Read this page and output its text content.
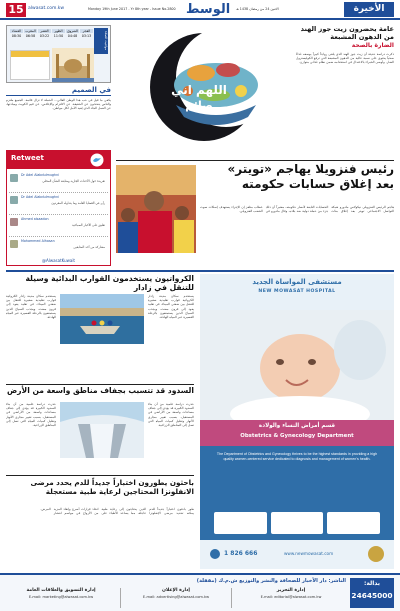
15 alwasat.com.kw	Monday 19th June 2017 - Yr 8th year - Issue No.2800 الوسط الاثنين 24 من رمضان 1438 هـ	الأخيرة
مواقيت الصلاة
العشاء	المغرب	العصر	الظهر	الشروق	الفجر
08:30	06:58	03:22	11:50	04:48	03:13
في الصميم
يكفي ما قيل في حب هذا الوطن الغالي... الحملة لا تزال قائمة. الجميع ملتزم والناس يتحدثون عن الحقيقة. عن الالتزام والإخلاص، عن قيم الكويت ومبادئها، عن العمل الجاد الذي يُعيد الأمل لكل مواطن.
Retweet
Dr Adel Alabdulmughni
تغريدة حول الأحداث الجارية ومتابعة الشأن المحلي
Dr Adel Alabdulmughni
رأي في القضايا العامة وما يتداوله المغردون
Ahmed alsaadon
تعليق على الأخبار الصباحية
Mohammed Alhasan
مشاركة من أحد المتابعين
@AlwasatKuwait
اللهم اني
صائم
عامة يحضرون زيت جوز الهند من الدهون المشبعة
الضارة بالصحة
ذكرت دراسة حديثة أن زيت جوز الهند الذي يلقى رواجاً كبيراً بوصفه غذاءً صحياً يحتوي على نسبة عالية من الدهون المشبعة التي ترفع الكوليسترول الضار. وأوصى الخبراء بالاعتدال في استخدامه ضمن نظام غذائي متوازن.
رئيس فنزويلا يهاجم «تويتر»
بعد إغلاق حسابات حكومته
هاجم الرئيس الفنزويلي نيكولاس مادورو شبكة التواصل الاجتماعي تويتر بعد إغلاق مئات الحسابات التابعة لأنصار حكومته، معتبراً أن ذلك جزء من حملة دولية ضد بلاده. وقال مادورو في خطاب متلفز إن الإجراء يستهدف إسكات صوت الشعب الفنزويلي.
الكرواتيون يستخدمون القوارب البدائية وسيلة للتنقل في زادار
يستخدم سكان مدينة زادار الكرواتية قوارب تقليدية صغيرة للتنقل بين ضفتي الميناء، في تقليد يعود إلى قرون مضت، ويجذب السياح الذين يستمتعون بالرحلة القصيرة عبر المياه الهادئة.
يستخدم سكان مدينة زادار الكرواتية قوارب تقليدية صغيرة للتنقل بين ضفتي الميناء، في تقليد يعود إلى قرون مضت، ويجذب السياح الذين يستمتعون بالرحلة القصيرة عبر المياه الهادئة.
السدود قد تتسبب بجفاف مناطق واسعة من الأرض
حذرت دراسة علمية من أن بناء السدود الكبيرة قد يؤدي إلى جفاف مساحات واسعة من الأراضي في المستقبل، بسبب تغيير مجاري الأنهار وتقليل كميات المياه التي تصل إلى المناطق الزراعية.
حذرت دراسة علمية من أن بناء السدود الكبيرة قد يؤدي إلى جفاف مساحات واسعة من الأراضي في المستقبل، بسبب تغيير مجاري الأنهار وتقليل كميات المياه التي تصل إلى المناطق الزراعية.
باحثون يطورون اختباراً جديداً للدم يحدد مرضى
الانفلونزا المحتاجين لرعاية طبية مستعجلة
طور باحثون اختباراً جديداً للدم يمكنه تحديد مرضى الإنفلونزا الذين يحتاجون إلى رعاية طبية عاجلة، مما يساعد الأطباء على اتخاذ قرارات أسرع وإنقاذ المزيد من الأرواح في مواسم انتشار المرض.
مستشفى المواساة الجديد
NEW MOWASAT HOSPITAL
قسم أمراض النساء والولادة
Obstetrics & Gynecology Department
The Department of Obstetrics and Gynecology thrives to be the highest standards in providing a high quality women-centered service dedicated to diagnosis and management of women's health.
1 826 666	www.newmowasat.com
بدالة:
24645000
الناشر: دار الأخبار للصحافة والنشر والتوزيع ش.م.ك (مقفلة)
إدارة التسويق والعلاقات العامة
E-mail: marketing@alwasat.com.kw
إدارة الإعلان
E-mail: advertising@alwasat.com.kw
إدارة التحرير
E-mail: editorial@alwasat.com.kw
